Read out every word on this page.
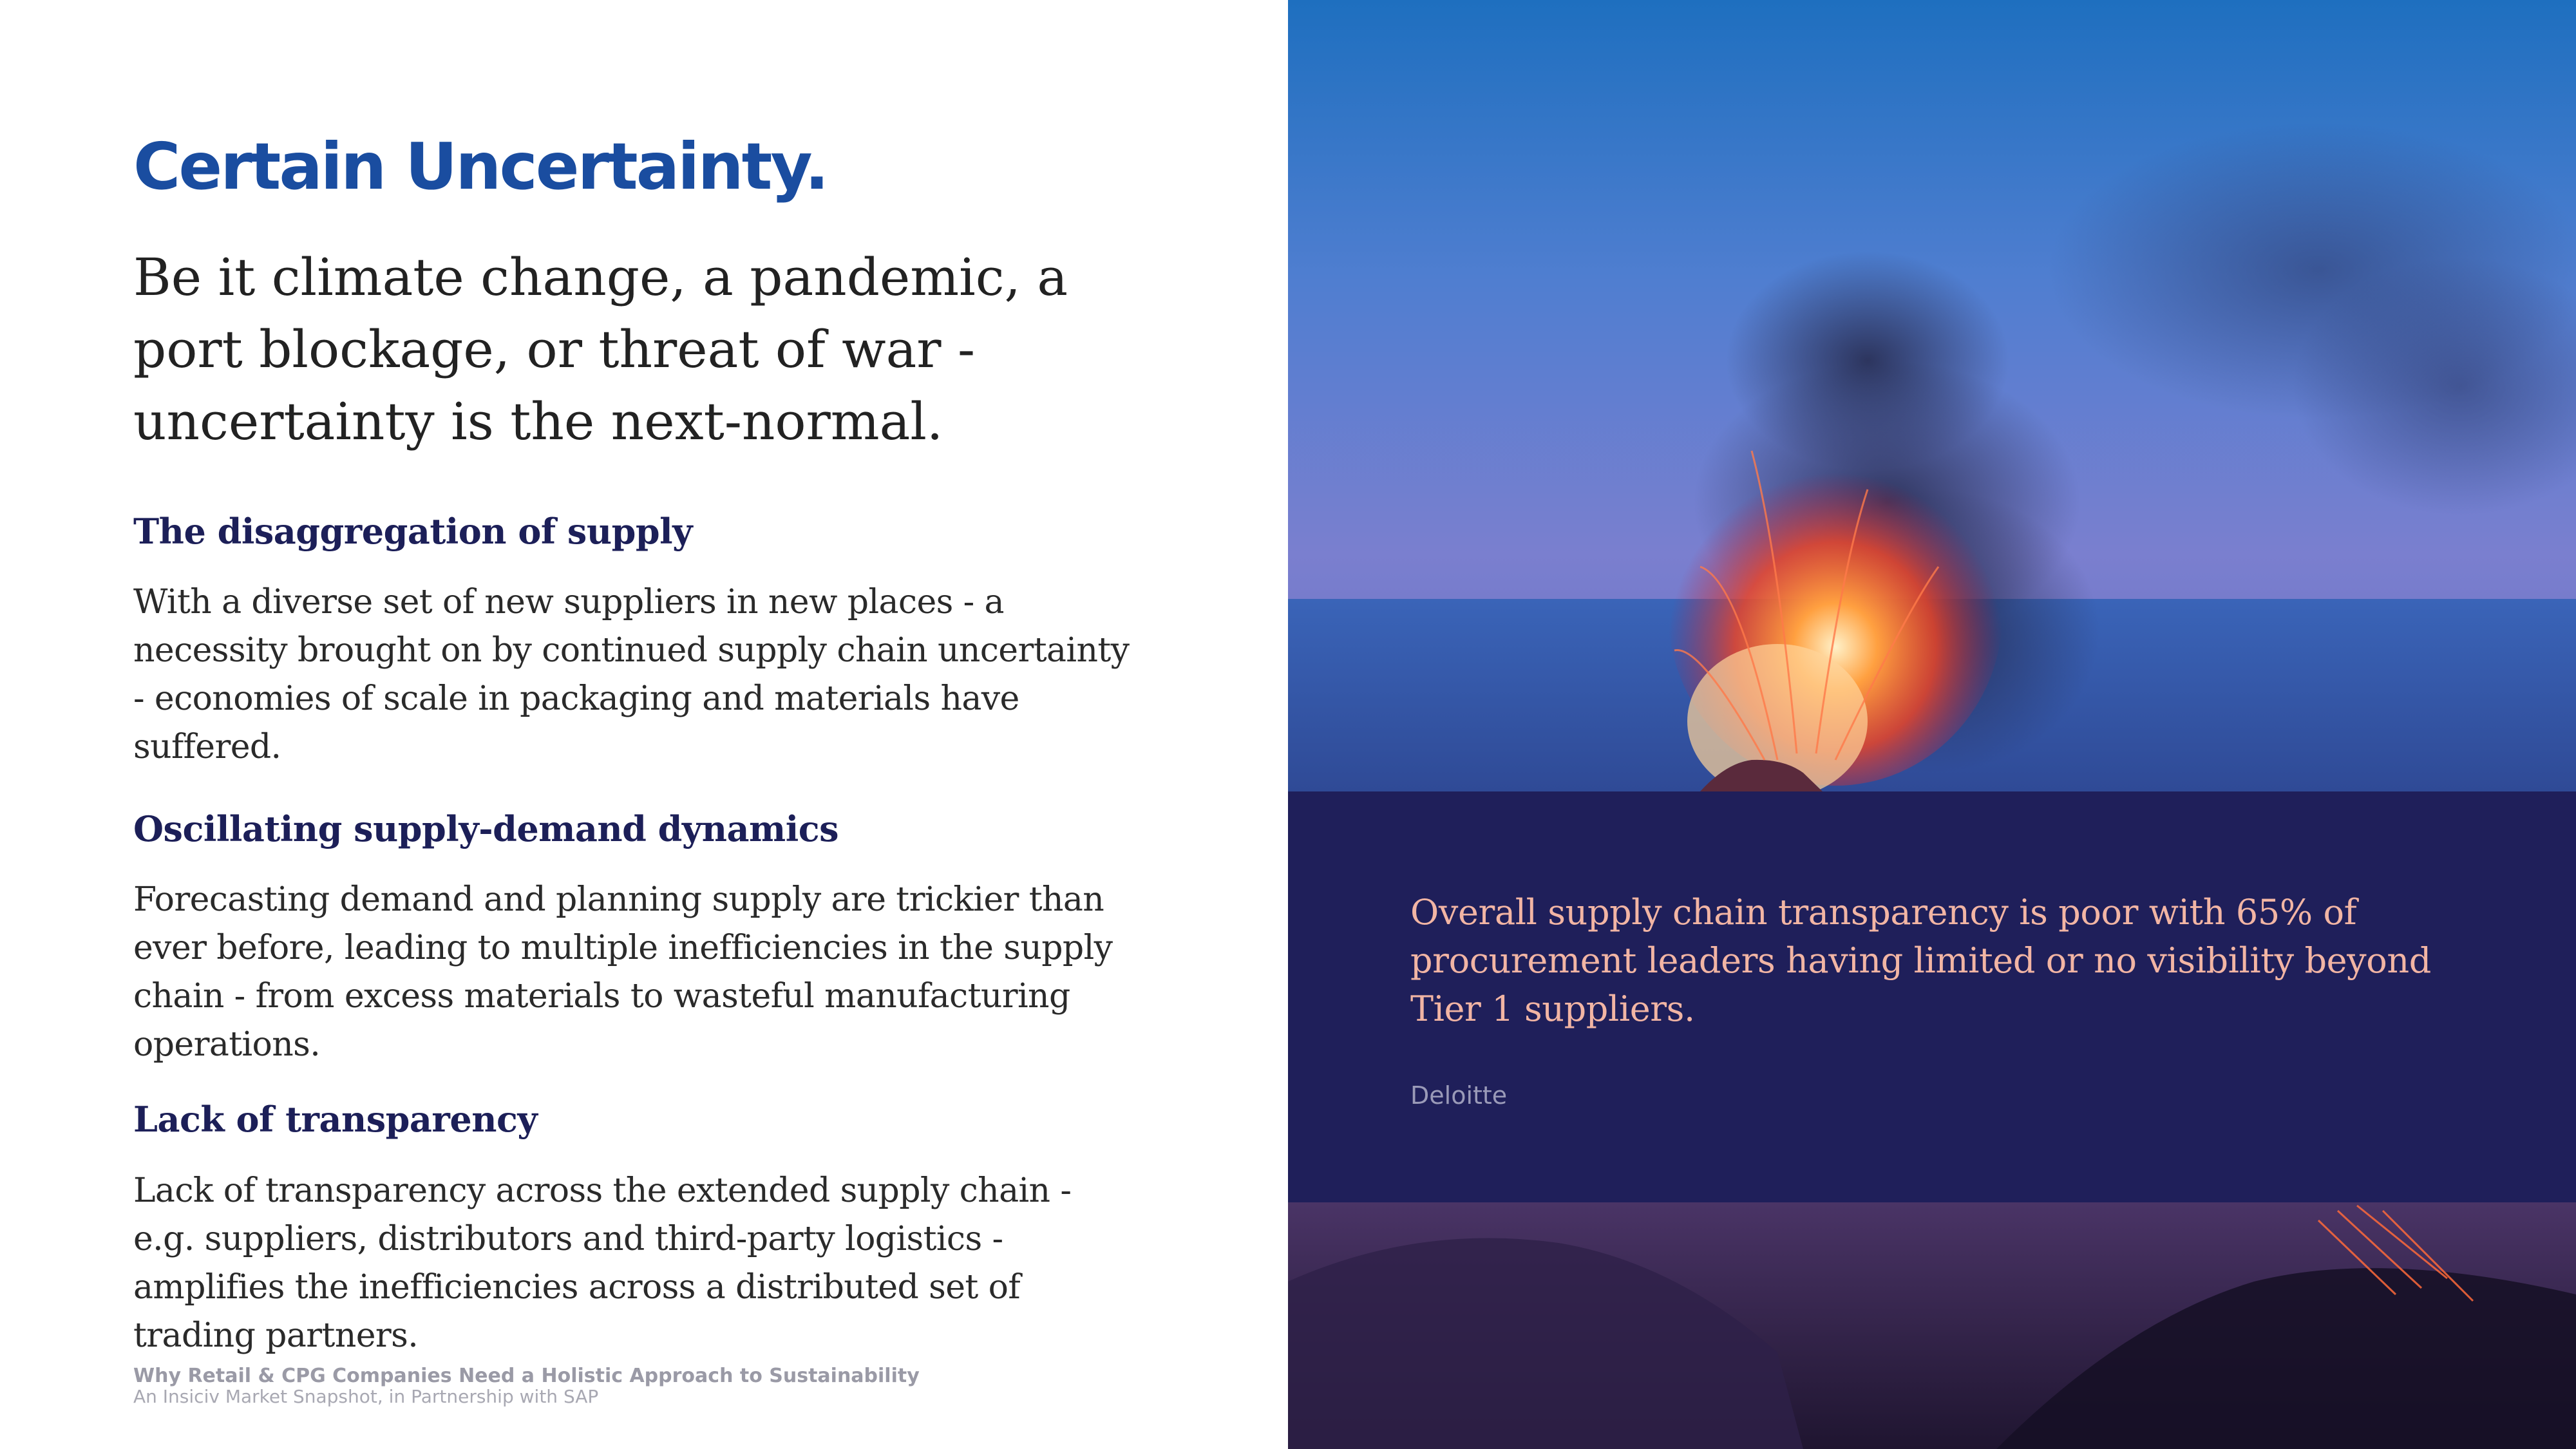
Certain Uncertainty.

Be it climate change, a pandemic, a port blockage, or threat of war - uncertainty is the next-normal.

The disaggregation of supply

With a diverse set of new suppliers in new places - a necessity brought on by continued supply chain uncertainty - economies of scale in packaging and materials have suffered.

Oscillating supply-demand dynamics

Forecasting demand and planning supply are trickier than ever before, leading to multiple inefficiencies in the supply chain - from excess materials to wasteful manufacturing operations.

Lack of transparency

Lack of transparency across the extended supply chain - e.g. suppliers, distributors and third-party logistics - amplifies the inefficiencies across a distributed set of trading partners.

Why Retail & CPG Companies Need a Holistic Approach to Sustainability

An Insiciv Market Snapshot, in Partnership with SAP

Overall supply chain transparency is poor with 65% of procurement leaders having limited or no visibility beyond Tier 1 suppliers.

Deloitte
